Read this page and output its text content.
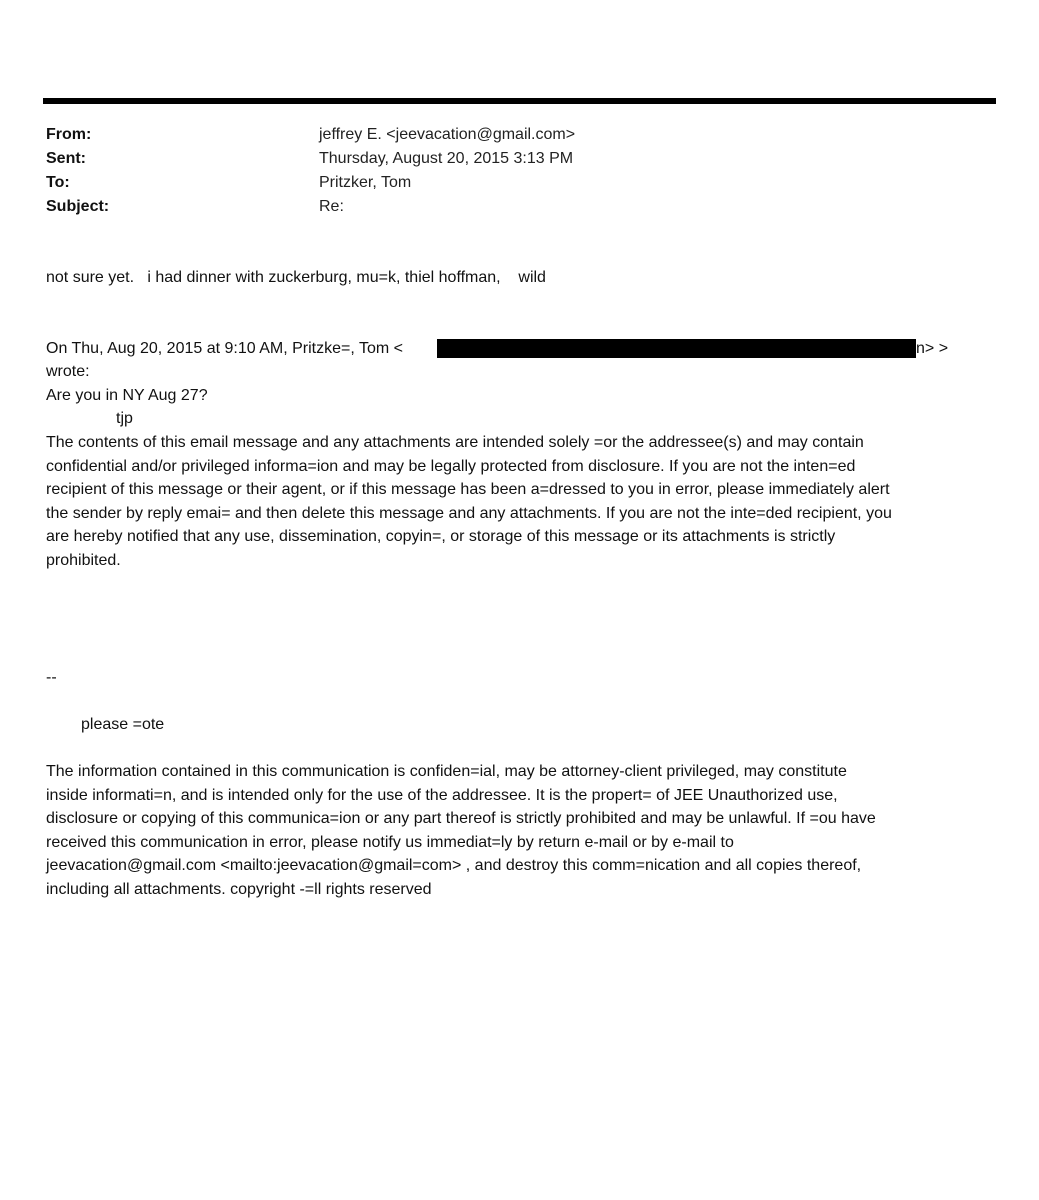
From:	jeffrey E. <jeevacation@gmail.com>
Sent:	Thursday, August 20, 2015 3:13 PM
To:	Pritzker, Tom
Subject:	Re:
not sure yet.   i had dinner with zuckerburg, mu=k, thiel hoffman,    wild
On Thu, Aug 20, 2015 at 9:10 AM, Pritzke=, Tom <	n> >
wrote:
Are you in NY Aug 27?
tjp
The contents of this email message and any attachments are intended solely =or the addressee(s) and may contain
confidential and/or privileged informa=ion and may be legally protected from disclosure. If you are not the inten=ed
recipient of this message or their agent, or if this message has been a=dressed to you in error, please immediately alert
the sender by reply emai= and then delete this message and any attachments. If you are not the inte=ded recipient, you
are hereby notified that any use, dissemination, copyin=, or storage of this message or its attachments is strictly
prohibited.
--
please =ote
The information contained in this communication is confiden=ial, may be attorney-client privileged, may constitute
inside informati=n, and is intended only for the use of the addressee. It is the propert= of JEE Unauthorized use,
disclosure or copying of this communica=ion or any part thereof is strictly prohibited and may be unlawful. If =ou have
received this communication in error, please notify us immediat=ly by return e-mail or by e-mail to
jeevacation@gmail.com <mailto:jeevacation@gmail=com> , and destroy this comm=nication and all copies thereof,
including all attachments. copyright -=ll rights reserved
